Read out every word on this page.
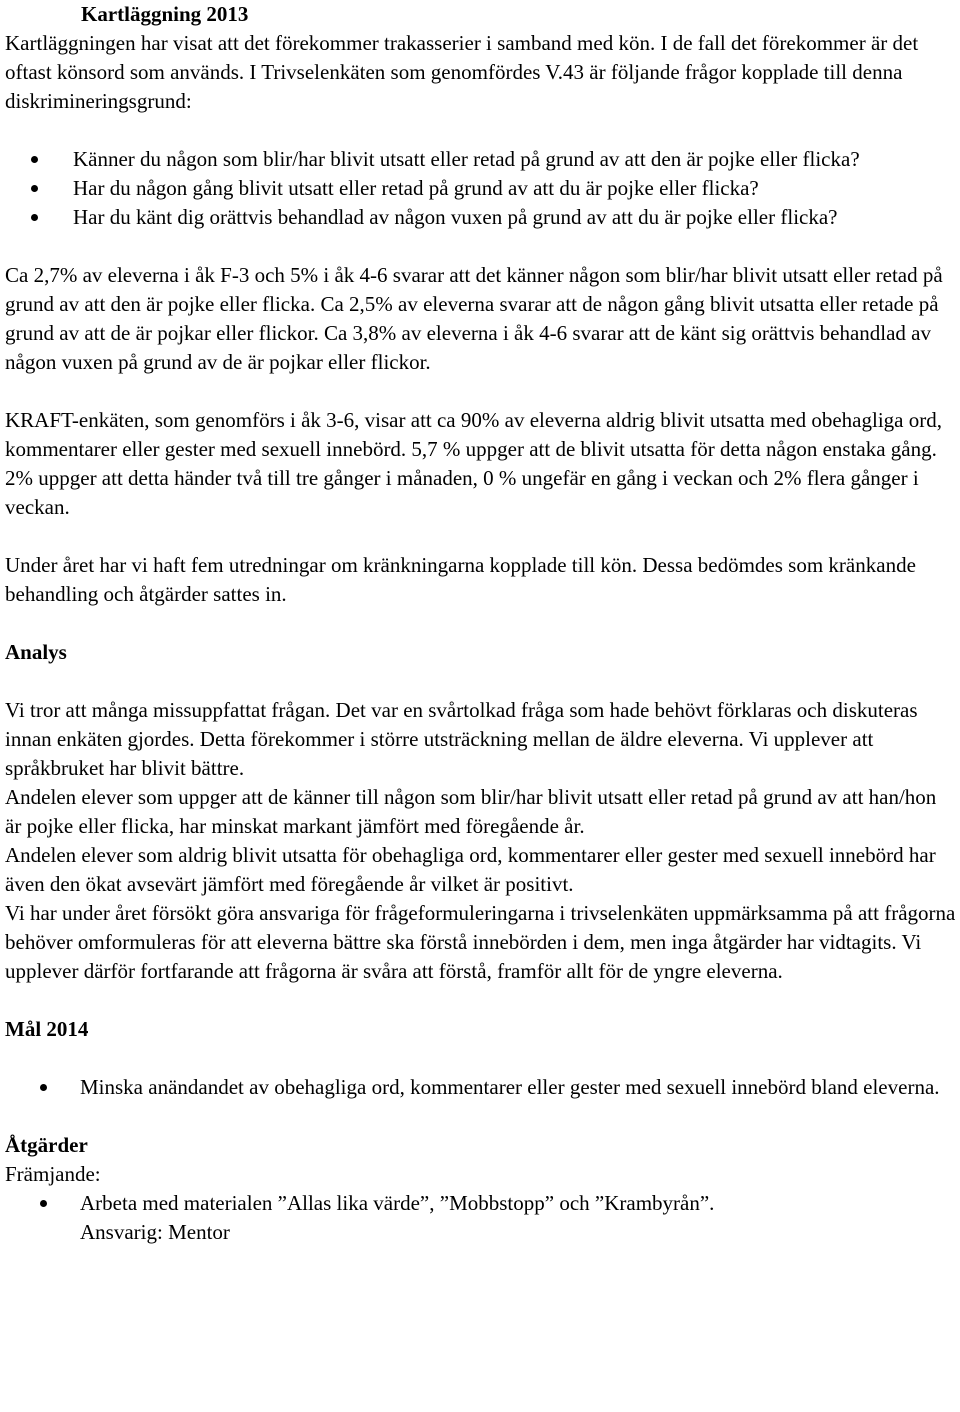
Kartläggning 2013

Kartläggningen har visat att det förekommer trakasserier i samband med kön. I de fall det förekommer är det oftast könsord som används. I Trivselenkäten som genomfördes V.43 är följande frågor kopplade till denna diskrimineringsgrund:

Känner du någon som blir/har blivit utsatt eller retad på grund av att den är pojke eller flicka?
Har du någon gång blivit utsatt eller retad på grund av att du är pojke eller flicka?
Har du känt dig orättvis behandlad av någon vuxen på grund av att du är pojke eller flicka?

Ca 2,7% av eleverna i åk F-3 och 5% i åk 4-6 svarar att det känner någon som blir/har blivit utsatt eller retad på grund av att den är pojke eller flicka. Ca 2,5% av eleverna svarar att de någon gång blivit utsatta eller retade på grund av att de är pojkar eller flickor. Ca 3,8% av eleverna i åk 4-6 svarar att de känt sig orättvis behandlad av någon vuxen på grund av de är pojkar eller flickor.

KRAFT-enkäten, som genomförs i åk 3-6, visar att ca 90% av eleverna aldrig blivit utsatta med obehagliga ord, kommentarer eller gester med sexuell innebörd. 5,7 % uppger att de blivit utsatta för detta någon enstaka gång. 2% uppger att detta händer två till tre gånger i månaden, 0 % ungefär en gång i veckan och 2% flera gånger i veckan.

Under året har vi haft fem utredningar om kränkningarna kopplade till kön. Dessa bedömdes som kränkande behandling och åtgärder sattes in.

Analys

Vi tror att många missuppfattat frågan. Det var en svårtolkad fråga som hade behövt förklaras och diskuteras innan enkäten gjordes. Detta förekommer i större utsträckning mellan de äldre eleverna. Vi upplever att språkbruket har blivit bättre.

Andelen elever som uppger att de känner till någon som blir/har blivit utsatt eller retad på grund av att han/hon är pojke eller flicka, har minskat markant jämfört med föregående år.

Andelen elever som aldrig blivit utsatta för obehagliga ord, kommentarer eller gester med sexuell innebörd har även den ökat avsevärt jämfört med föregående år vilket är positivt.

Vi har under året försökt göra ansvariga för frågeformuleringarna i trivselenkäten uppmärksamma på att frågorna behöver omformuleras för att eleverna bättre ska förstå innebörden i dem, men inga åtgärder har vidtagits. Vi upplever därför fortfarande att frågorna är svåra att förstå, framför allt för de yngre eleverna.

Mål 2014
Minska anändandet av obehagliga ord, kommentarer eller gester med sexuell innebörd bland eleverna.
Åtgärder

Främjande:

Arbeta med materialen ”Allas lika värde”, ”Mobbstopp” och ”Krambyrån”.

Ansvarig: Mentor
